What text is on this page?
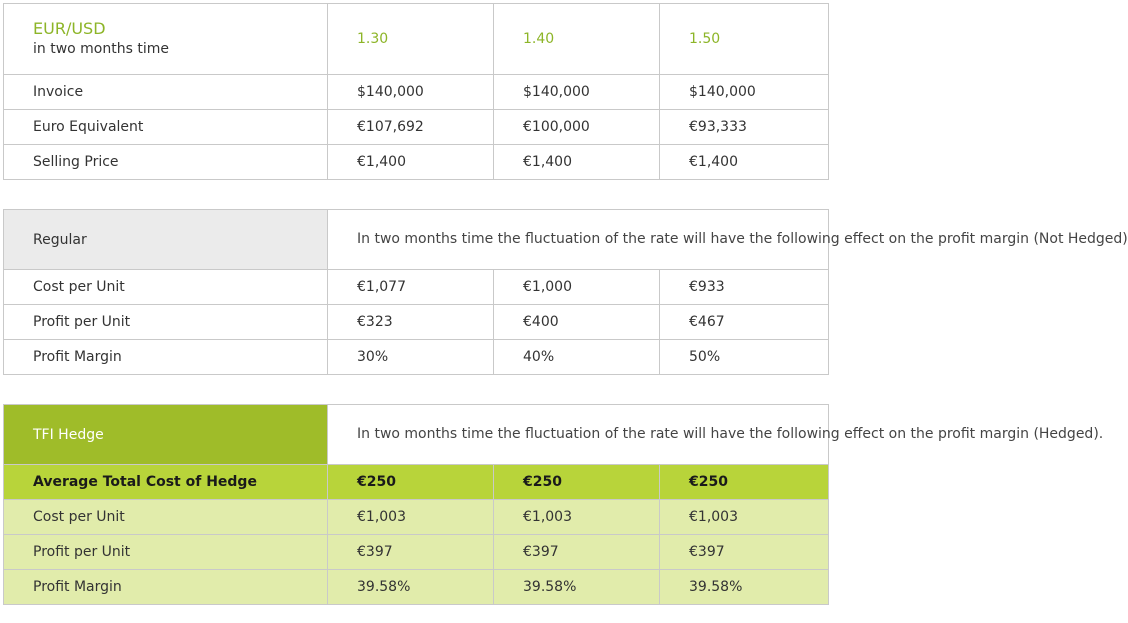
EUR/USD
in two months time	1.30	1.40	1.50
Invoice	$140,000	$140,000	$140,000
Euro Equivalent	€107,692	€100,000	€93,333
Selling Price	€1,400	€1,400	€1,400

Regular	In two months time the fluctuation of the rate will have the following effect on the profit margin (Not Hedged)		
Cost per Unit	€1,077	€1,000	€933
Profit per Unit	€323	€400	€467
Profit Margin	30%	40%	50%

TFI Hedge	In two months time the fluctuation of the rate will have the following effect on the profit margin (Hedged).		
Average Total Cost of Hedge	€250	€250	€250
Cost per Unit	€1,003	€1,003	€1,003
Profit per Unit	€397	€397	€397
Profit Margin	39.58%	39.58%	39.58%
